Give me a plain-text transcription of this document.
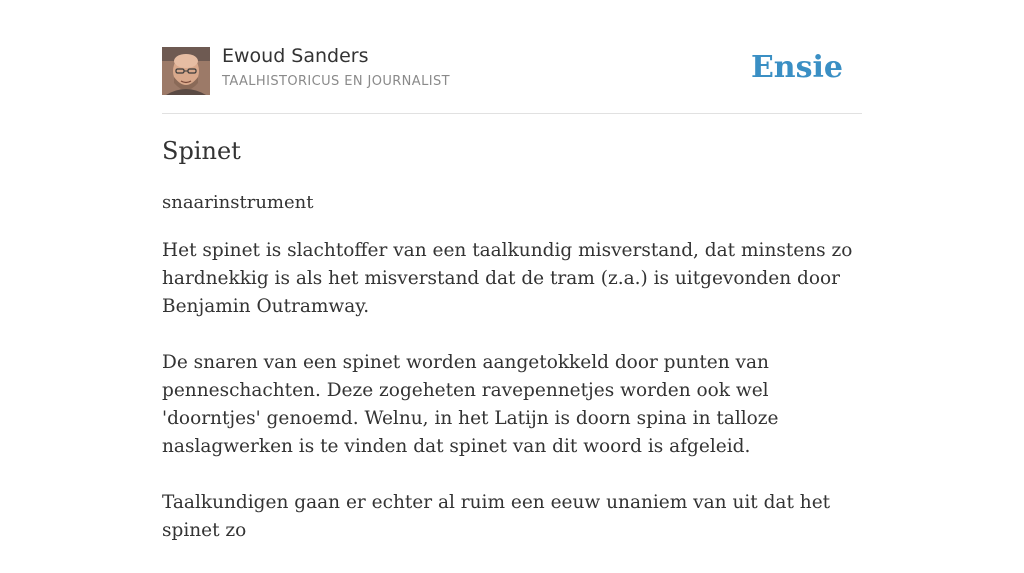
Ewoud Sanders
TAALHISTORICUS EN JOURNALIST	Ensie
Spinet
snaarinstrument

Het spinet is slachtoffer van een taalkundig misverstand, dat minstens zo hardnekkig is als het misverstand dat de tram (z.a.) is uitgevonden door Benjamin Outramway.

De snaren van een spinet worden aangetokkeld door punten van penneschachten. Deze zogeheten ravepennetjes worden ook wel 'doorntjes' genoemd. Welnu, in het Latijn is doorn spina in talloze naslagwerken is te vinden dat spinet van dit woord is afgeleid.

Taalkundigen gaan er echter al ruim een eeuw unaniem van uit dat het spinet zo
